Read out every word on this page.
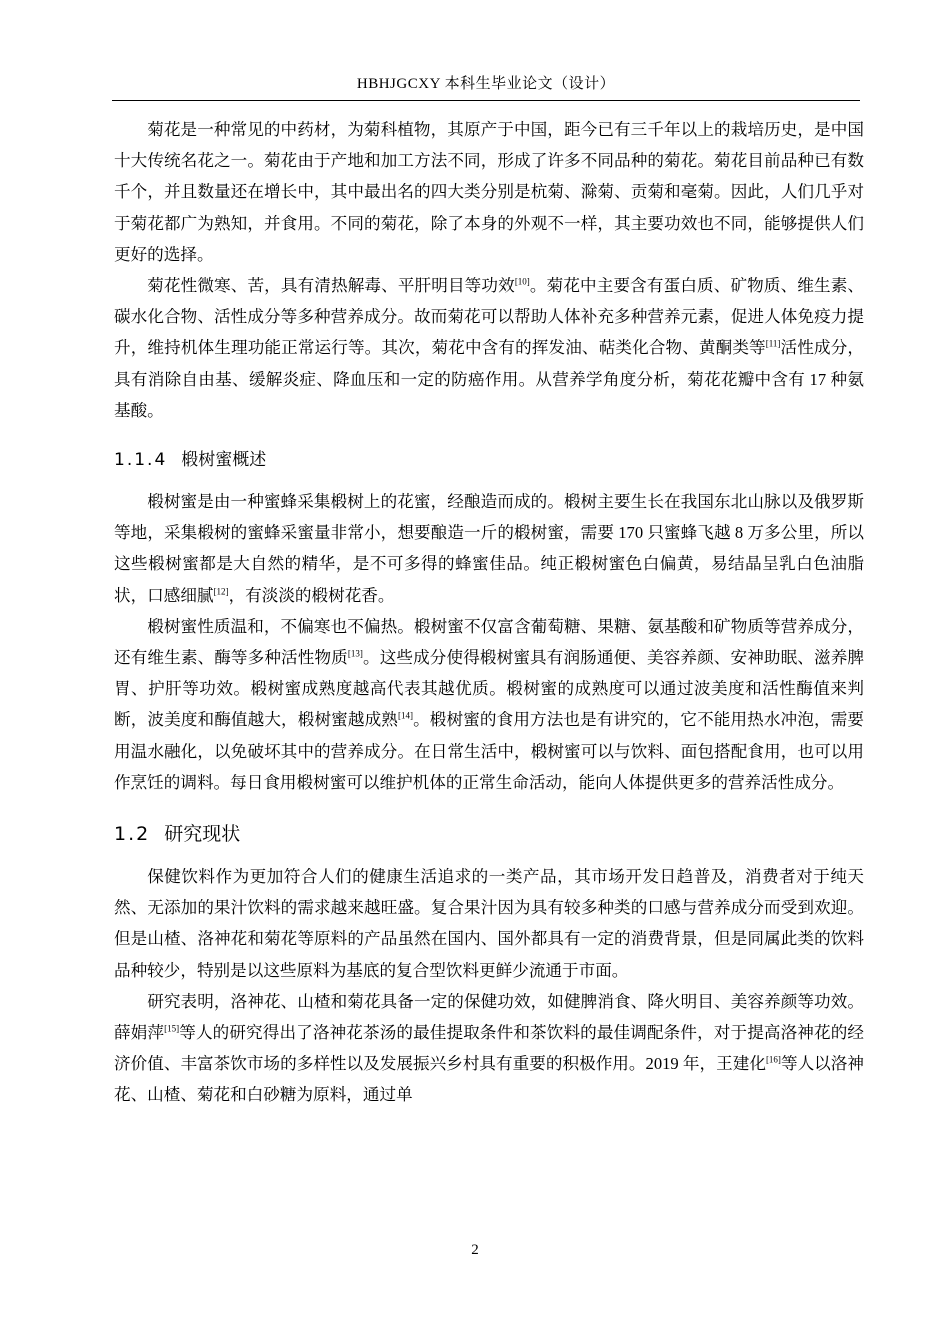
HBHJGCXY 本科生毕业论文（设计）

菊花是一种常见的中药材，为菊科植物，其原产于中国，距今已有三千年以上的栽培历史，是中国十大传统名花之一。菊花由于产地和加工方法不同，形成了许多不同品种的菊花。菊花目前品种已有数千个，并且数量还在增长中，其中最出名的四大类分别是杭菊、滁菊、贡菊和毫菊。因此，人们几乎对于菊花都广为熟知，并食用。不同的菊花，除了本身的外观不一样，其主要功效也不同，能够提供人们更好的选择。

菊花性微寒、苦，具有清热解毒、平肝明目等功效[10]。菊花中主要含有蛋白质、矿物质、维生素、碳水化合物、活性成分等多种营养成分。故而菊花可以帮助人体补充多种营养元素，促进人体免疫力提升，维持机体生理功能正常运行等。其次，菊花中含有的挥发油、萜类化合物、黄酮类等[11]活性成分，具有消除自由基、缓解炎症、降血压和一定的防癌作用。从营养学角度分析，菊花花瓣中含有 17 种氨基酸。

1.1.4 椴树蜜概述

椴树蜜是由一种蜜蜂采集椴树上的花蜜，经酿造而成的。椴树主要生长在我国东北山脉以及俄罗斯等地，采集椴树的蜜蜂采蜜量非常小，想要酿造一斤的椴树蜜，需要 170 只蜜蜂飞越 8 万多公里，所以这些椴树蜜都是大自然的精华，是不可多得的蜂蜜佳品。纯正椴树蜜色白偏黄，易结晶呈乳白色油脂状，口感细腻[12]，有淡淡的椴树花香。

椴树蜜性质温和，不偏寒也不偏热。椴树蜜不仅富含葡萄糖、果糖、氨基酸和矿物质等营养成分，还有维生素、酶等多种活性物质[13]。这些成分使得椴树蜜具有润肠通便、美容养颜、安神助眠、滋养脾胃、护肝等功效。椴树蜜成熟度越高代表其越优质。椴树蜜的成熟度可以通过波美度和活性酶值来判断，波美度和酶值越大，椴树蜜越成熟[14]。椴树蜜的食用方法也是有讲究的，它不能用热水冲泡，需要用温水融化，以免破坏其中的营养成分。在日常生活中，椴树蜜可以与饮料、面包搭配食用，也可以用作烹饪的调料。每日食用椴树蜜可以维护机体的正常生命活动，能向人体提供更多的营养活性成分。

1.2 研究现状

保健饮料作为更加符合人们的健康生活追求的一类产品，其市场开发日趋普及，消费者对于纯天然、无添加的果汁饮料的需求越来越旺盛。复合果汁因为具有较多种类的口感与营养成分而受到欢迎。但是山楂、洛神花和菊花等原料的产品虽然在国内、国外都具有一定的消费背景，但是同属此类的饮料品种较少，特别是以这些原料为基底的复合型饮料更鲜少流通于市面。

研究表明，洛神花、山楂和菊花具备一定的保健功效，如健脾消食、降火明目、美容养颜等功效。薛娟萍[15]等人的研究得出了洛神花茶汤的最佳提取条件和茶饮料的最佳调配条件，对于提高洛神花的经济价值、丰富茶饮市场的多样性以及发展振兴乡村具有重要的积极作用。2019 年，王建化[16]等人以洛神花、山楂、菊花和白砂糖为原料，通过单

2
